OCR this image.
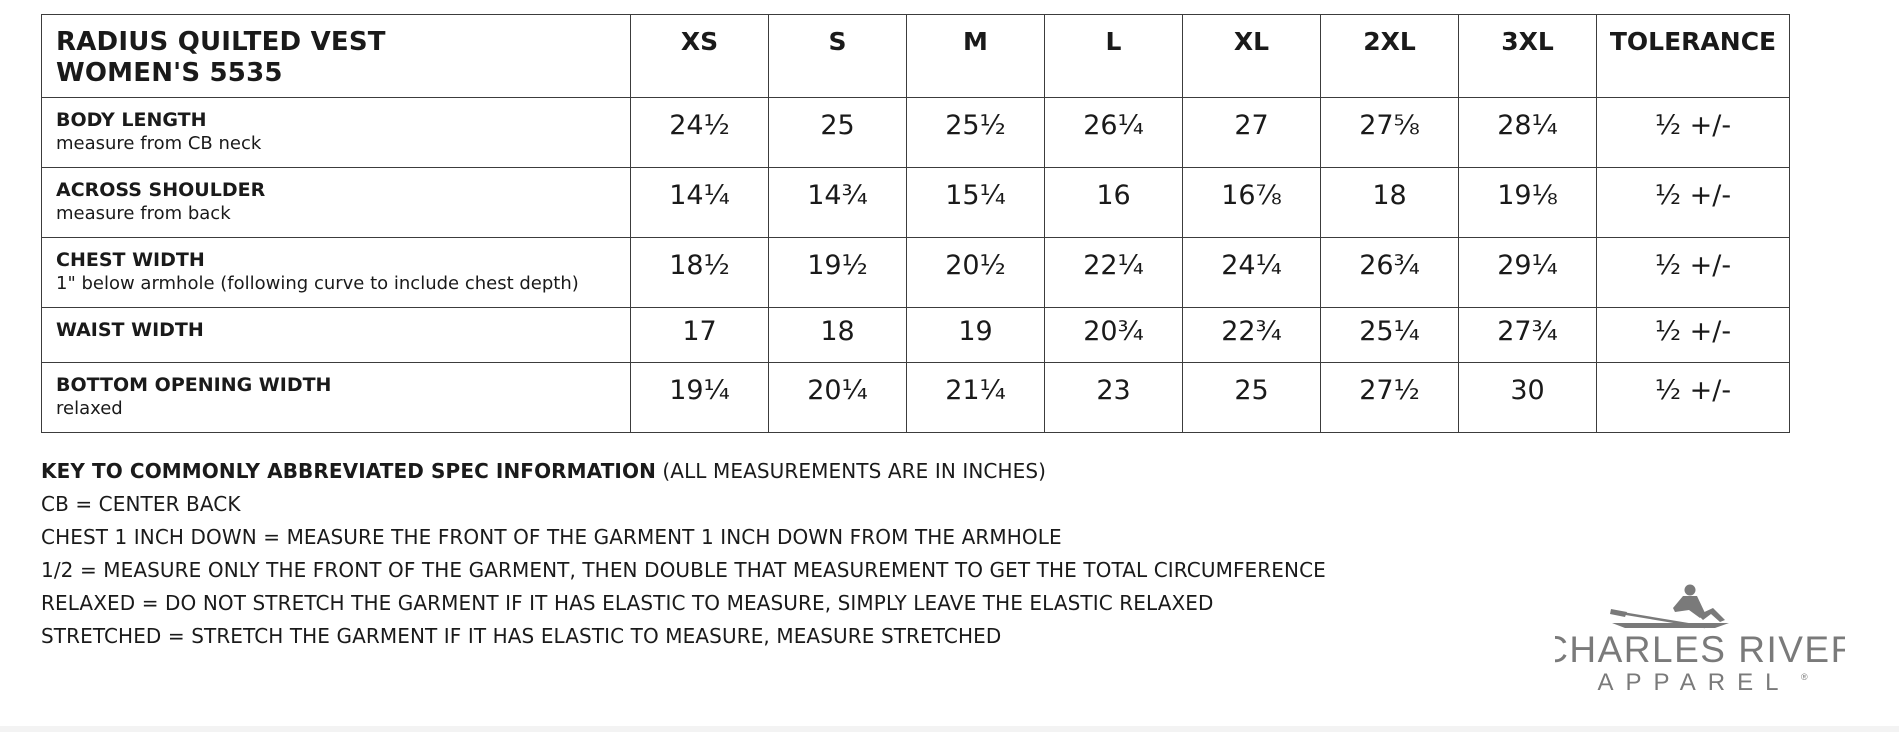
RADIUS QUILTED VEST
WOMEN'S 5535	XS	S	M	L	XL	2XL	3XL	TOLERANCE

BODY LENGTH
measure from CB neck	24½	25	25½	26¼	27	27⅝	28¼	½ +/-

ACROSS SHOULDER
measure from back	14¼	14¾	15¼	16	16⅞	18	19⅛	½ +/-

CHEST WIDTH
1" below armhole (following curve to include chest depth)	18½	19½	20½	22¼	24¼	26¾	29¼	½ +/-

WAIST WIDTH	17	18	19	20¾	22¾	25¼	27¾	½ +/-

BOTTOM OPENING WIDTH
relaxed	19¼	20¼	21¼	23	25	27½	30	½ +/-
KEY TO COMMONLY ABBREVIATED SPEC INFORMATION (ALL MEASUREMENTS ARE IN INCHES)
CB = CENTER BACK
CHEST 1 INCH DOWN = MEASURE THE FRONT OF THE GARMENT 1 INCH DOWN FROM THE ARMHOLE
1/2 = MEASURE ONLY THE FRONT OF THE GARMENT, THEN DOUBLE THAT MEASUREMENT TO GET THE TOTAL CIRCUMFERENCE
RELAXED = DO NOT STRETCH THE GARMENT IF IT HAS ELASTIC TO MEASURE, SIMPLY LEAVE THE ELASTIC RELAXED
STRETCHED = STRETCH THE GARMENT IF IT HAS ELASTIC TO MEASURE, MEASURE STRETCHED	CHARLES RIVER
APPAREL ®
